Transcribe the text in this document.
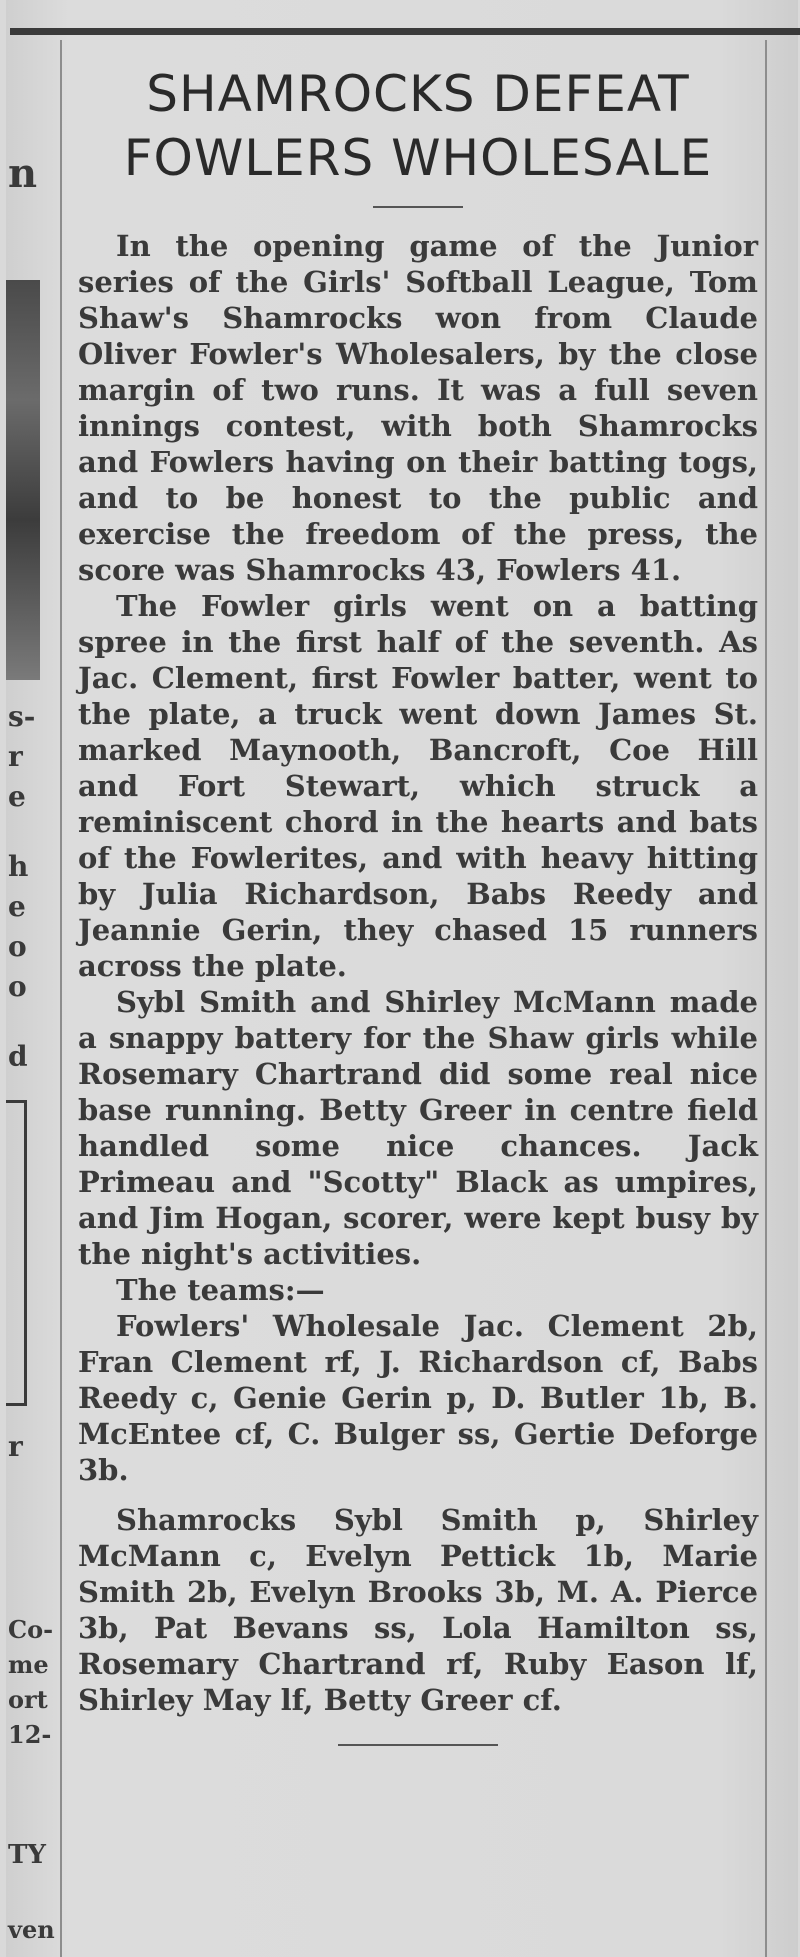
n
s-
r
e
h
e
o
o
d
r
Co-
me
ort
12-
TY
ven
SHAMROCKS DEFEAT
FOWLERS WHOLESALE

In the opening game of the Junior series of the Girls' Softball League, Tom Shaw's Shamrocks won from Claude Oliver Fowler's Wholesalers, by the close margin of two runs. It was a full seven innings contest, with both Shamrocks and Fowlers having on their batting togs, and to be honest to the public and exercise the freedom of the press, the score was Shamrocks 43, Fowlers 41.

The Fowler girls went on a batting spree in the first half of the seventh. As Jac. Clement, first Fowler batter, went to the plate, a truck went down James St. marked Maynooth, Bancroft, Coe Hill and Fort Stewart, which struck a reminiscent chord in the hearts and bats of the Fowlerites, and with heavy hitting by Julia Richardson, Babs Reedy and Jeannie Gerin, they chased 15 runners across the plate.

Sybl Smith and Shirley McMann made a snappy battery for the Shaw girls while Rosemary Chartrand did some real nice base running. Betty Greer in centre field handled some nice chances. Jack Primeau and "Scotty" Black as umpires, and Jim Hogan, scorer, were kept busy by the night's activities.

The teams:—

Fowlers' Wholesale Jac. Clement 2b, Fran Clement rf, J. Richardson cf, Babs Reedy c, Genie Gerin p, D. Butler 1b, B. McEntee cf, C. Bulger ss, Gertie Deforge 3b.

Shamrocks Sybl Smith p, Shirley McMann c, Evelyn Pettick 1b, Marie Smith 2b, Evelyn Brooks 3b, M. A. Pierce 3b, Pat Bevans ss, Lola Hamilton ss, Rosemary Chartrand rf, Ruby Eason lf, Shirley May lf, Betty Greer cf.
